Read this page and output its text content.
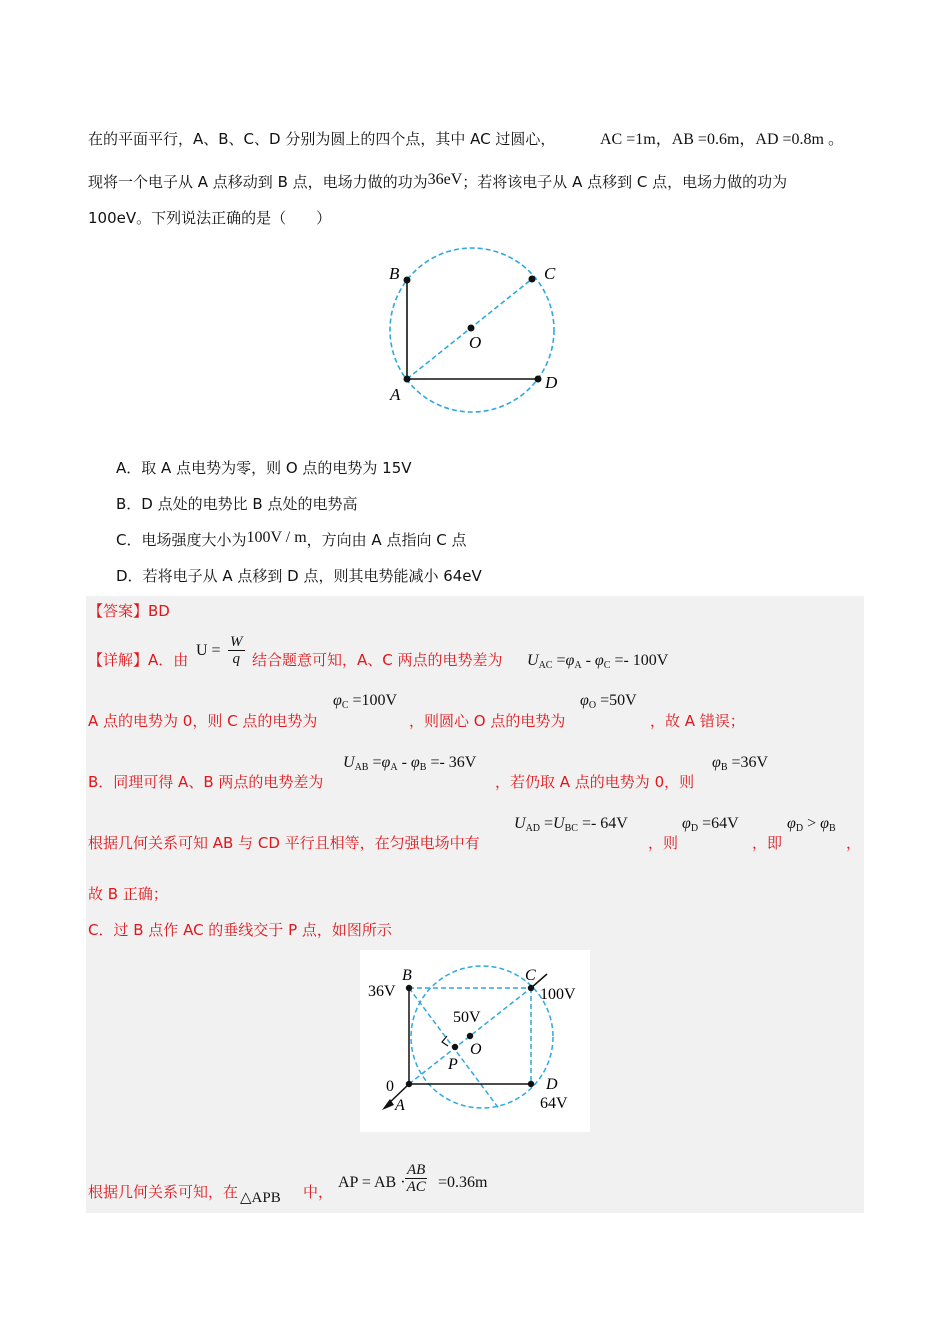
在的平面平行，A、B、C、D 分别为圆上的四个点，其中 AC 过圆心，	AC =1m，AB =0.6m，AD =0.8m 。
现将一个电子从 A 点移动到 B 点，电场力做的功为36eV；若将该电子从 A 点移到 C 点，电场力做的功为
100eV。下列说法正确的是（　　）
B	C
O
A
D
A．取 A 点电势为零，则 O 点的电势为 15V
B．D 点处的电势比 B 点处的电势高
C．电场强度大小为100V / m，方向由 A 点指向 C 点
D．若将电子从 A 点移到 D 点，则其电势能减小 64eV
【答案】BD
【详解】A．由
$U = \frac{W}{q}$ 结合题意可知，A、C 两点的电势差为 $U_{AC} =\varphi_A - \varphi_C =- 100V$
A 点的电势为 0，则 C 点的电势为
$\varphi_C =100V$
，则圆心 O 点的电势为
$\varphi_O =50V$
，故 A 错误；
B．同理可得 A、B 两点的电势差为
$U_{AB} =\varphi_A - \varphi_B =- 36V$
，若仍取 A 点的电势为 0，则
$\varphi_B =36V$
根据几何关系可知 AB 与 CD 平行且相等，在匀强电场中有
$U_{AD} =U_{BC} =- 64V$
，则
$\varphi_D =64V$
，即
$\varphi_D > \varphi_B$
，
故 B 正确；
C．过 B 点作 AC 的垂线交于 P 点，如图所示
B	C
O
P
A
D
36V	100V
50V
0
64V
根据几何关系可知，在 △APB 中，
AP = AB · $\frac{AB}{AC} =0.36m$
